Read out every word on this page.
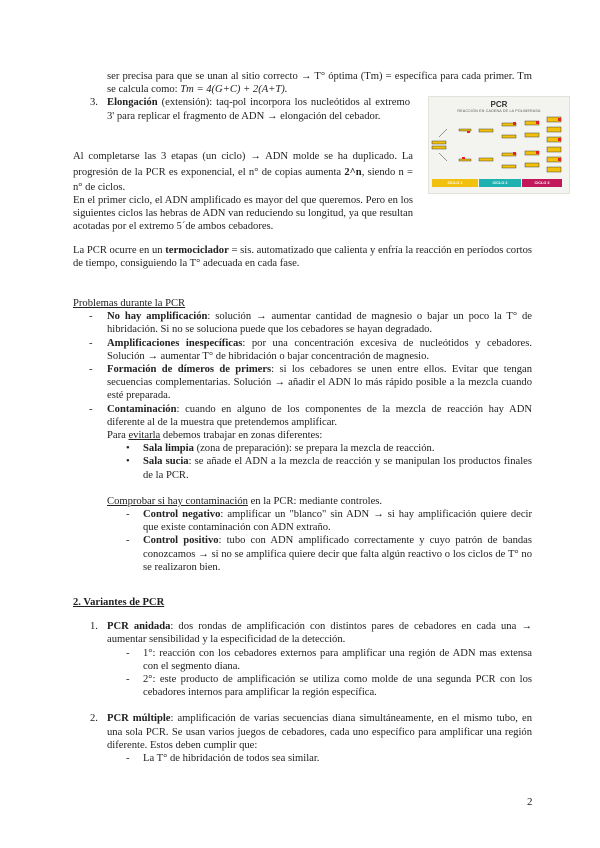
ser precisa para que se unan al sitio correcto → T° óptima (Tm) = específica para cada primer. Tm se calcula como: Tm = 4(G+C) + 2(A+T).

3. Elongación (extensión): taq-pol incorpora los nucleótidos al extremo 3' para replicar el fragmento de ADN → elongación del cebador.

PCR
REACCIÓN EN CADENA DE LA POLIMERASA
CICLO 1	CICLO 2	CICLO 3

Al completarse las 3 etapas (un ciclo) → ADN molde se ha duplicado. La progresión de la PCR es exponencial, el n° de copias aumenta 2^n, siendo n = n° de ciclos.

En el primer ciclo, el ADN amplificado es mayor del que queremos. Pero en los siguientes ciclos las hebras de ADN van reduciendo su longitud, ya que resultan acotadas por el extremo 5´de ambos cebadores.

La PCR ocurre en un termociclador = sis. automatizado que calienta y enfría la reacción en períodos cortos de tiempo, consiguiendo la T° adecuada en cada fase.

Problemas durante la PCR

- No hay amplificación: solución → aumentar cantidad de magnesio o bajar un poco la T° de hibridación. Si no se soluciona puede que los cebadores se hayan degradado.

- Amplificaciones inespecíficas: por una concentración excesiva de nucleótidos y cebadores. Solución → aumentar T° de hibridación o bajar concentración de magnesio.

- Formación de dímeros de primers: si los cebadores se unen entre ellos. Evitar que tengan secuencias complementarias. Solución → añadir el ADN lo más rápido posible a la mezcla cuando esté preparada.

- Contaminación: cuando en alguno de los componentes de la mezcla de reacción hay ADN diferente al de la muestra que pretendemos amplificar.

Para evitarla debemos trabajar en zonas diferentes:

• Sala limpia (zona de preparación): se prepara la mezcla de reacción.

• Sala sucia: se añade el ADN a la mezcla de reacción y se manipulan los productos finales de la PCR.

Comprobar si hay contaminación en la PCR: mediante controles.

- Control negativo: amplificar un "blanco" sin ADN → si hay amplificación quiere decir que existe contaminación con ADN extraño.

- Control positivo: tubo con ADN amplificado correctamente y cuyo patrón de bandas conozcamos → si no se amplifica quiere decir que falta algún reactivo o los ciclos de T° no se realizaron bien.

2. Variantes de PCR

1. PCR anidada: dos rondas de amplificación con distintos pares de cebadores en cada una → aumentar sensibilidad y la especificidad de la detección.

- 1°: reacción con los cebadores externos para amplificar una región de ADN mas extensa con el segmento diana.

- 2°: este producto de amplificación se utiliza como molde de una segunda PCR con los cebadores internos para amplificar la región específica.

2. PCR múltiple: amplificación de varias secuencias diana simultáneamente, en el mismo tubo, en una sola PCR. Se usan varios juegos de cebadores, cada uno específico para amplificar una región diferente. Estos deben cumplir que:

- La T° de hibridación de todos sea similar.

2
